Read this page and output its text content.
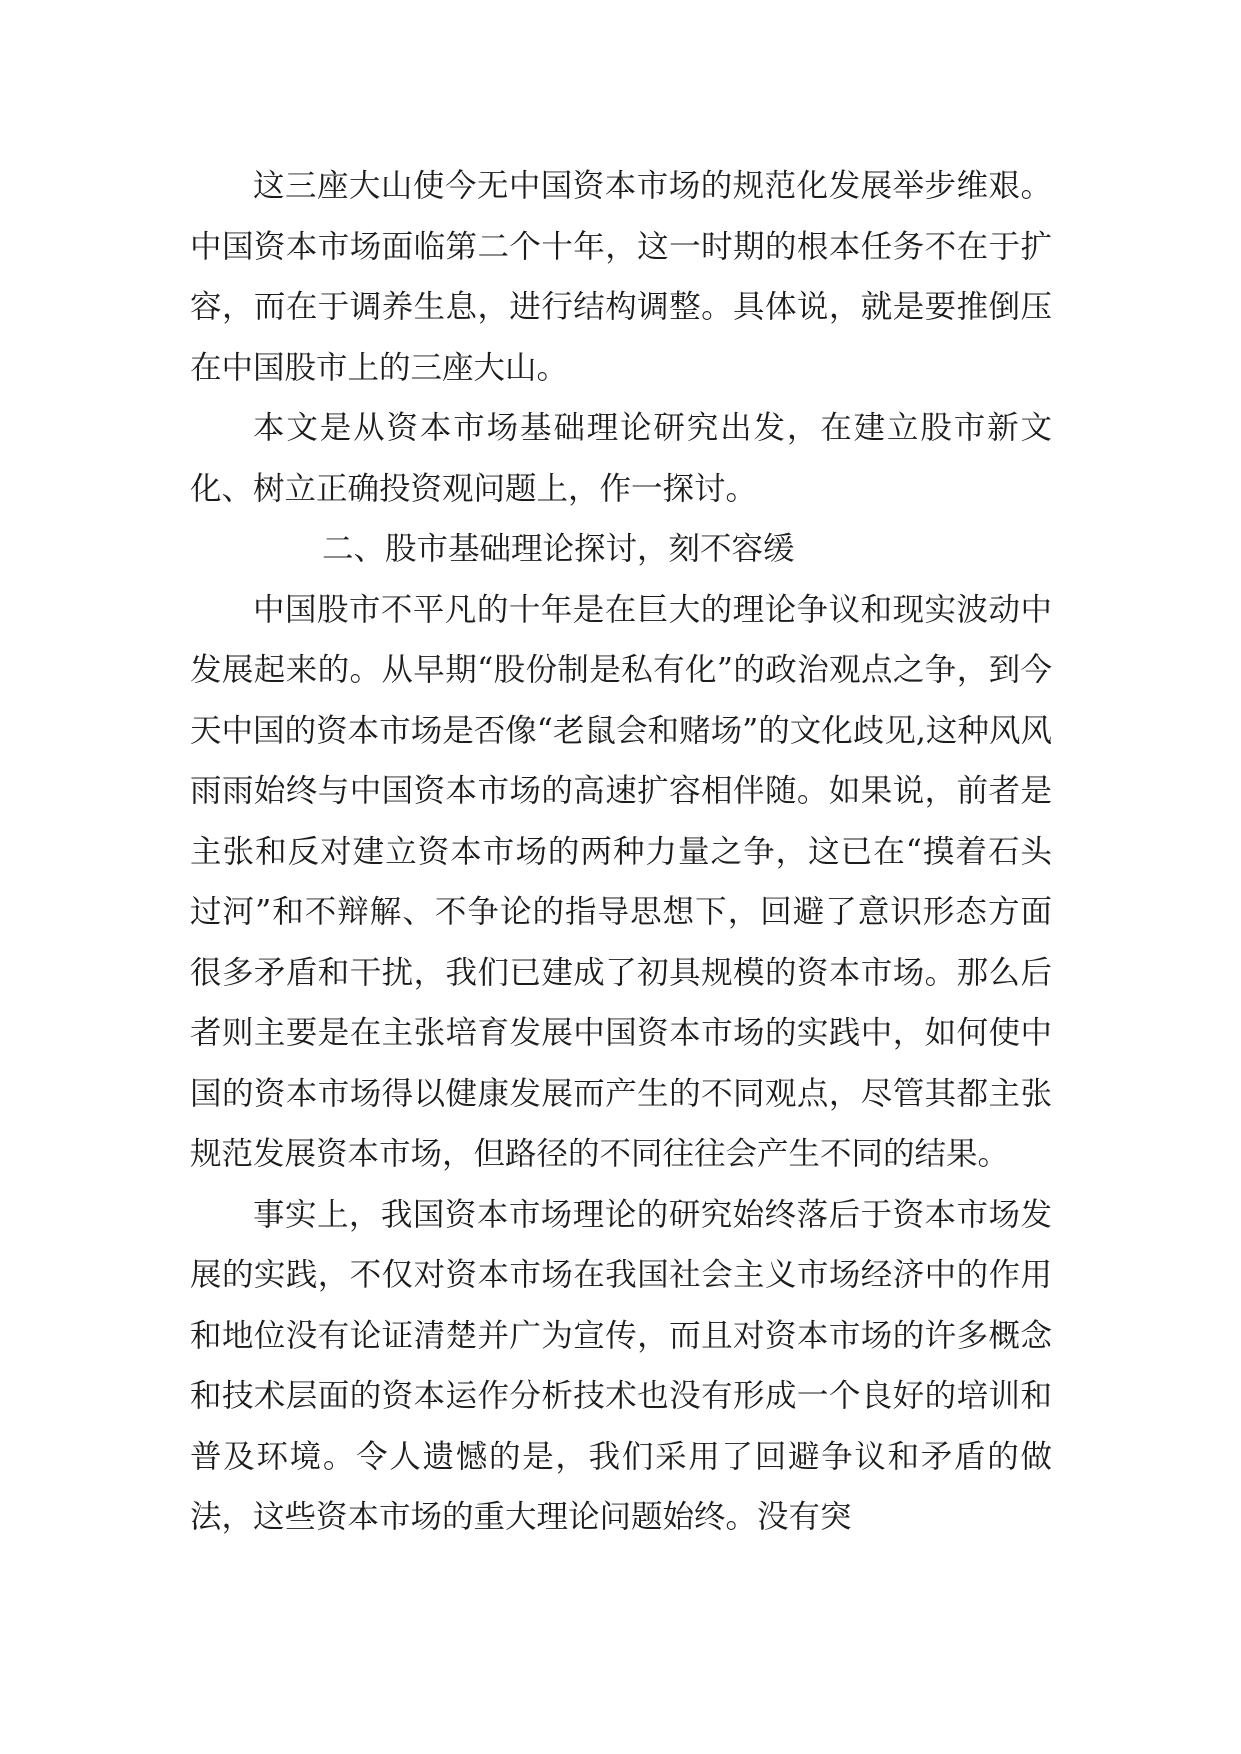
这三座大山使今无中国资本市场的规范化发展举步维艰。中国资本市场面临第二个十年，这一时期的根本任务不在于扩容，而在于调养生息，进行结构调整。具体说，就是要推倒压在中国股市上的三座大山。

本文是从资本市场基础理论研究出发，在建立股市新文化、树立正确投资观问题上，作一探讨。

二、股市基础理论探讨，刻不容缓

中国股市不平凡的十年是在巨大的理论争议和现实波动中发展起来的。从早期“股份制是私有化”的政治观点之争，到今天中国的资本市场是否像“老鼠会和赌场”的文化歧见,这种风风雨雨始终与中国资本市场的高速扩容相伴随。如果说，前者是主张和反对建立资本市场的两种力量之争，这已在“摸着石头过河”和不辩解、不争论的指导思想下，回避了意识形态方面很多矛盾和干扰，我们已建成了初具规模的资本市场。那么后者则主要是在主张培育发展中国资本市场的实践中，如何使中国的资本市场得以健康发展而产生的不同观点，尽管其都主张规范发展资本市场，但路径的不同往往会产生不同的结果。

事实上，我国资本市场理论的研究始终落后于资本市场发展的实践，不仅对资本市场在我国社会主义市场经济中的作用和地位没有论证清楚并广为宣传，而且对资本市场的许多概念和技术层面的资本运作分析技术也没有形成一个良好的培训和普及环境。令人遗憾的是，我们采用了回避争议和矛盾的做法，这些资本市场的重大理论问题始终。没有突
